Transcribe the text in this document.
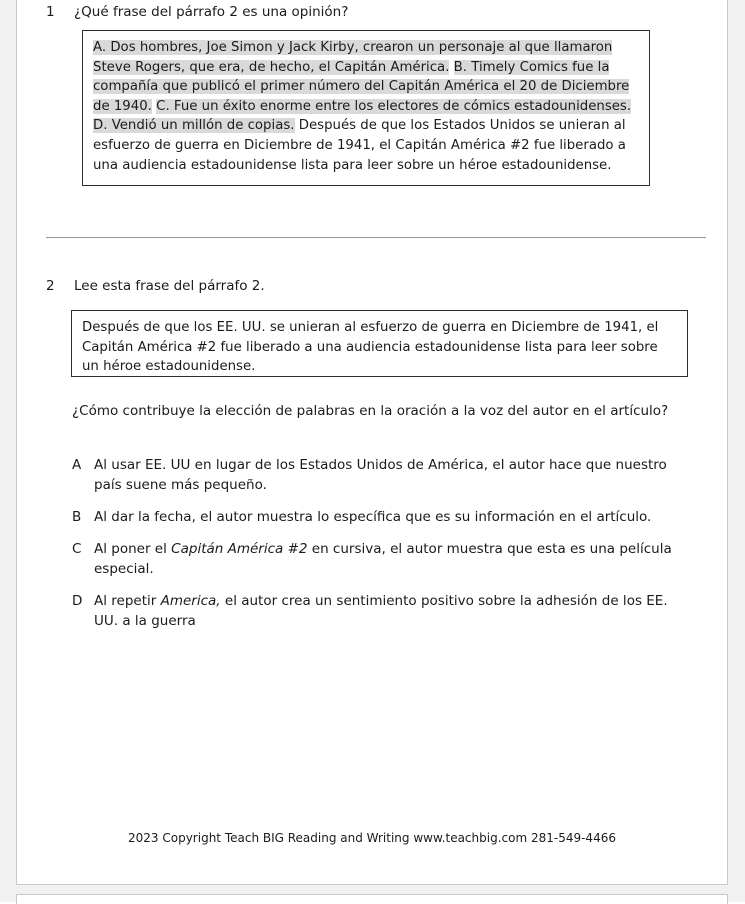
1	¿Qué frase del párrafo 2 es una opinión?
A. Dos hombres, Joe Simon y Jack Kirby, crearon un personaje al que llamaron Steve Rogers, que era, de hecho, el Capitán América. B. Timely Comics fue la compañía que publicó el primer número del Capitán América el 20 de Diciembre de 1940. C. Fue un éxito enorme entre los electores de cómics estadounidenses. D. Vendió un millón de copias. Después de que los Estados Unidos se unieran al esfuerzo de guerra en Diciembre de 1941, el Capitán América #2 fue liberado a una audiencia estadounidense lista para leer sobre un héroe estadounidense.
2	Lee esta frase del párrafo 2.
Después de que los EE. UU. se unieran al esfuerzo de guerra en Diciembre de 1941, el Capitán América #2 fue liberado a una audiencia estadounidense lista para leer sobre un héroe estadounidense.
¿Cómo contribuye la elección de palabras en la oración a la voz del autor en el artículo?
A Al usar EE. UU en lugar de los Estados Unidos de América, el autor hace que nuestro país suene más pequeño.
B Al dar la fecha, el autor muestra lo específica que es su información en el artículo.
C Al poner el Capitán América #2 en cursiva, el autor muestra que esta es una película especial.
D Al repetir America, el autor crea un sentimiento positivo sobre la adhesión de los EE. UU. a la guerra
2023 Copyright Teach BIG Reading and Writing www.teachbig.com 281-549-4466
